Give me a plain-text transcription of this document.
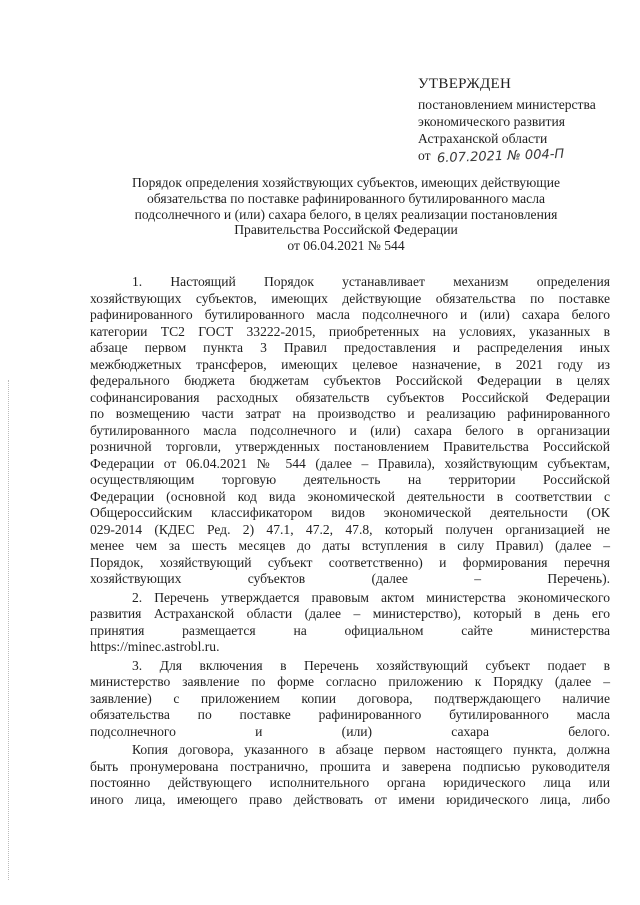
УТВЕРЖДЕН
постановлением министерства
экономического развития
Астраханской области
от 6.07.2021 № 004-П
Порядок определения хозяйствующих субъектов, имеющих действующие
обязательства по поставке рафинированного бутилированного масла
подсолнечного и (или) сахара белого, в целях реализации постановления
Правительства Российской Федерации
от 06.04.2021 № 544
1. Настоящий Порядок устанавливает механизм определения
хозяйствующих субъектов, имеющих действующие обязательства по поставке
рафинированного бутилированного масла подсолнечного и (или) сахара белого
категории ТС2 ГОСТ 33222-2015, приобретенных на условиях, указанных в
абзаце первом пункта 3 Правил предоставления и распределения иных
межбюджетных трансферов, имеющих целевое назначение, в 2021 году из
федерального бюджета бюджетам субъектов Российской Федерации в целях
софинансирования расходных обязательств субъектов Российской Федерации
по возмещению части затрат на производство и реализацию рафинированного
бутилированного масла подсолнечного и (или) сахара белого в организации
розничной торговли, утвержденных постановлением Правительства Российской
Федерации от 06.04.2021 № 544 (далее – Правила), хозяйствующим субъектам,
осуществляющим торговую деятельность на территории Российской
Федерации (основной код вида экономической деятельности в соответствии с
Общероссийским классификатором видов экономической деятельности (ОК
029-2014 (КДЕС Ред. 2) 47.1, 47.2, 47.8, который получен организацией не
менее чем за шесть месяцев до даты вступления в силу Правил) (далее –
Порядок, хозяйствующий субъект соответственно) и формирования перечня
хозяйствующих субъектов (далее – Перечень).
2. Перечень утверждается правовым актом министерства экономического
развития Астраханской области (далее – министерство), который в день его
принятия размещается на официальном сайте министерства
https://minec.astrobl.ru.
3. Для включения в Перечень хозяйствующий субъект подает в
министерство заявление по форме согласно приложению к Порядку (далее –
заявление) с приложением копии договора, подтверждающего наличие
обязательства по поставке рафинированного бутилированного масла
подсолнечного и (или) сахара белого.
Копия договора, указанного в абзаце первом настоящего пункта, должна
быть пронумерована постранично, прошита и заверена подписью руководителя
постоянно действующего исполнительного органа юридического лица или
иного лица, имеющего право действовать от имени юридического лица, либо
